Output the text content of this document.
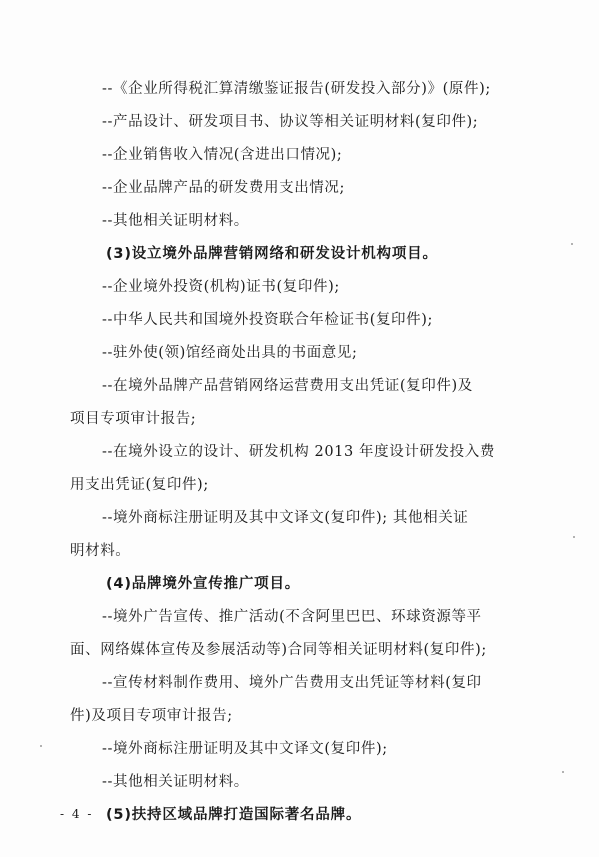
--《企业所得税汇算清缴鉴证报告(研发投入部分)》(原件);

--产品设计、研发项目书、协议等相关证明材料(复印件);

--企业销售收入情况(含进出口情况);

--企业品牌产品的研发费用支出情况;

--其他相关证明材料。

(3)设立境外品牌营销网络和研发设计机构项目。

--企业境外投资(机构)证书(复印件);

--中华人民共和国境外投资联合年检证书(复印件);

--驻外使(领)馆经商处出具的书面意见;

--在境外品牌产品营销网络运营费用支出凭证(复印件)及

项目专项审计报告;

--在境外设立的设计、研发机构 2013 年度设计研发投入费

用支出凭证(复印件);

--境外商标注册证明及其中文译文(复印件); 其他相关证

明材料。

(4)品牌境外宣传推广项目。

--境外广告宣传、推广活动(不含阿里巴巴、环球资源等平

面、网络媒体宣传及参展活动等)合同等相关证明材料(复印件);

--宣传材料制作费用、境外广告费用支出凭证等材料(复印

件)及项目专项审计报告;

--境外商标注册证明及其中文译文(复印件);

--其他相关证明材料。

(5)扶持区域品牌打造国际著名品牌。

- 4 -
